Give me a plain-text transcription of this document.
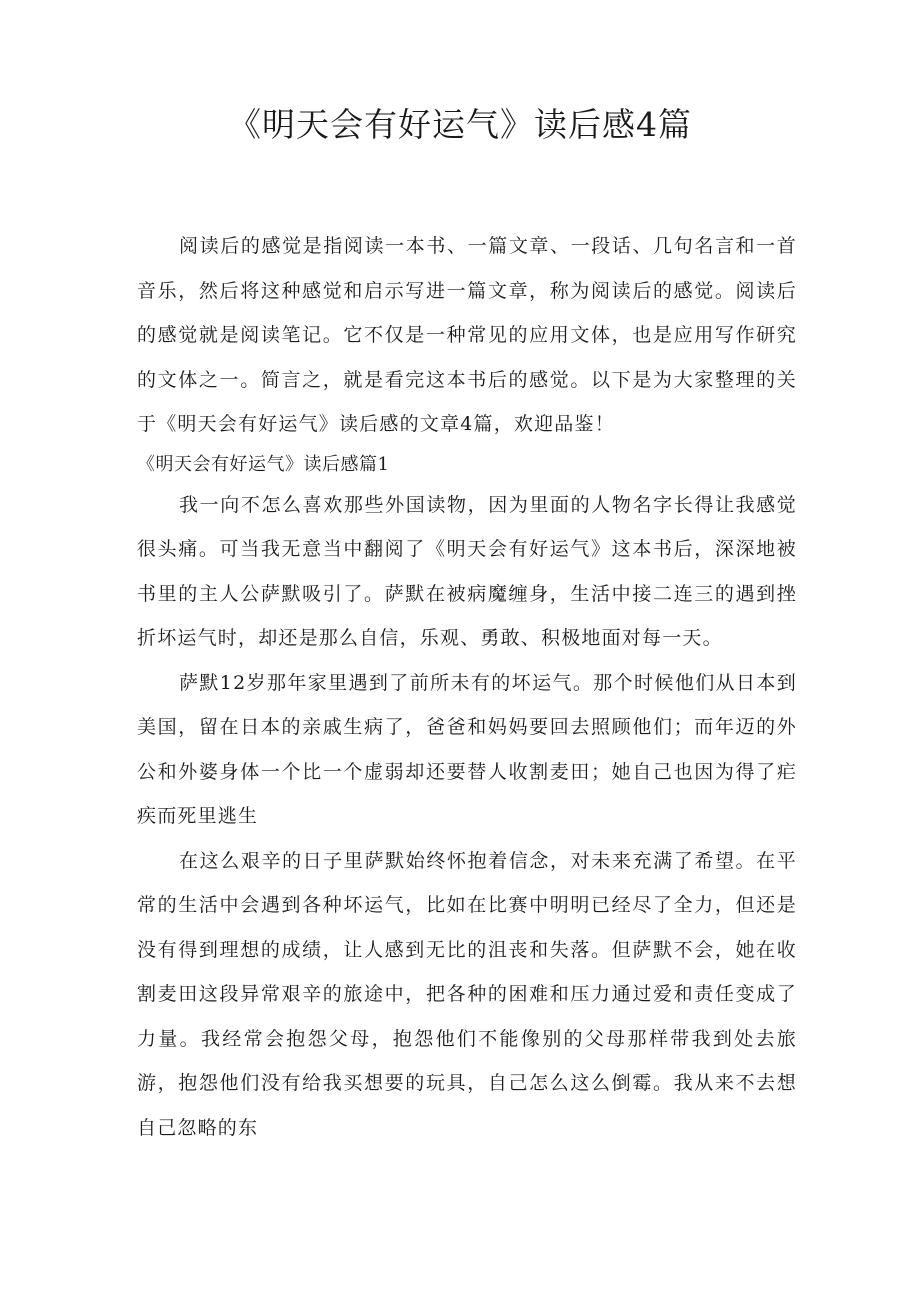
《明天会有好运气》读后感4篇

阅读后的感觉是指阅读一本书、一篇文章、一段话、几句名言和一首音乐，然后将这种感觉和启示写进一篇文章，称为阅读后的感觉。阅读后的感觉就是阅读笔记。它不仅是一种常见的应用文体，也是应用写作研究的文体之一。简言之，就是看完这本书后的感觉。以下是为大家整理的关于《明天会有好运气》读后感的文章4篇，欢迎品鉴！

《明天会有好运气》读后感篇1

我一向不怎么喜欢那些外国读物，因为里面的人物名字长得让我感觉很头痛。可当我无意当中翻阅了《明天会有好运气》这本书后，深深地被书里的主人公萨默吸引了。萨默在被病魔缠身，生活中接二连三的遇到挫折坏运气时，却还是那么自信，乐观、勇敢、积极地面对每一天。

萨默12岁那年家里遇到了前所未有的坏运气。那个时候他们从日本到美国，留在日本的亲戚生病了，爸爸和妈妈要回去照顾他们；而年迈的外公和外婆身体一个比一个虚弱却还要替人收割麦田；她自己也因为得了疟疾而死里逃生

在这么艰辛的日子里萨默始终怀抱着信念，对未来充满了希望。在平常的生活中会遇到各种坏运气，比如在比赛中明明已经尽了全力，但还是没有得到理想的成绩，让人感到无比的沮丧和失落。但萨默不会，她在收割麦田这段异常艰辛的旅途中，把各种的困难和压力通过爱和责任变成了力量。我经常会抱怨父母，抱怨他们不能像别的父母那样带我到处去旅游，抱怨他们没有给我买想要的玩具，自己怎么这么倒霉。我从来不去想自己忽略的东
